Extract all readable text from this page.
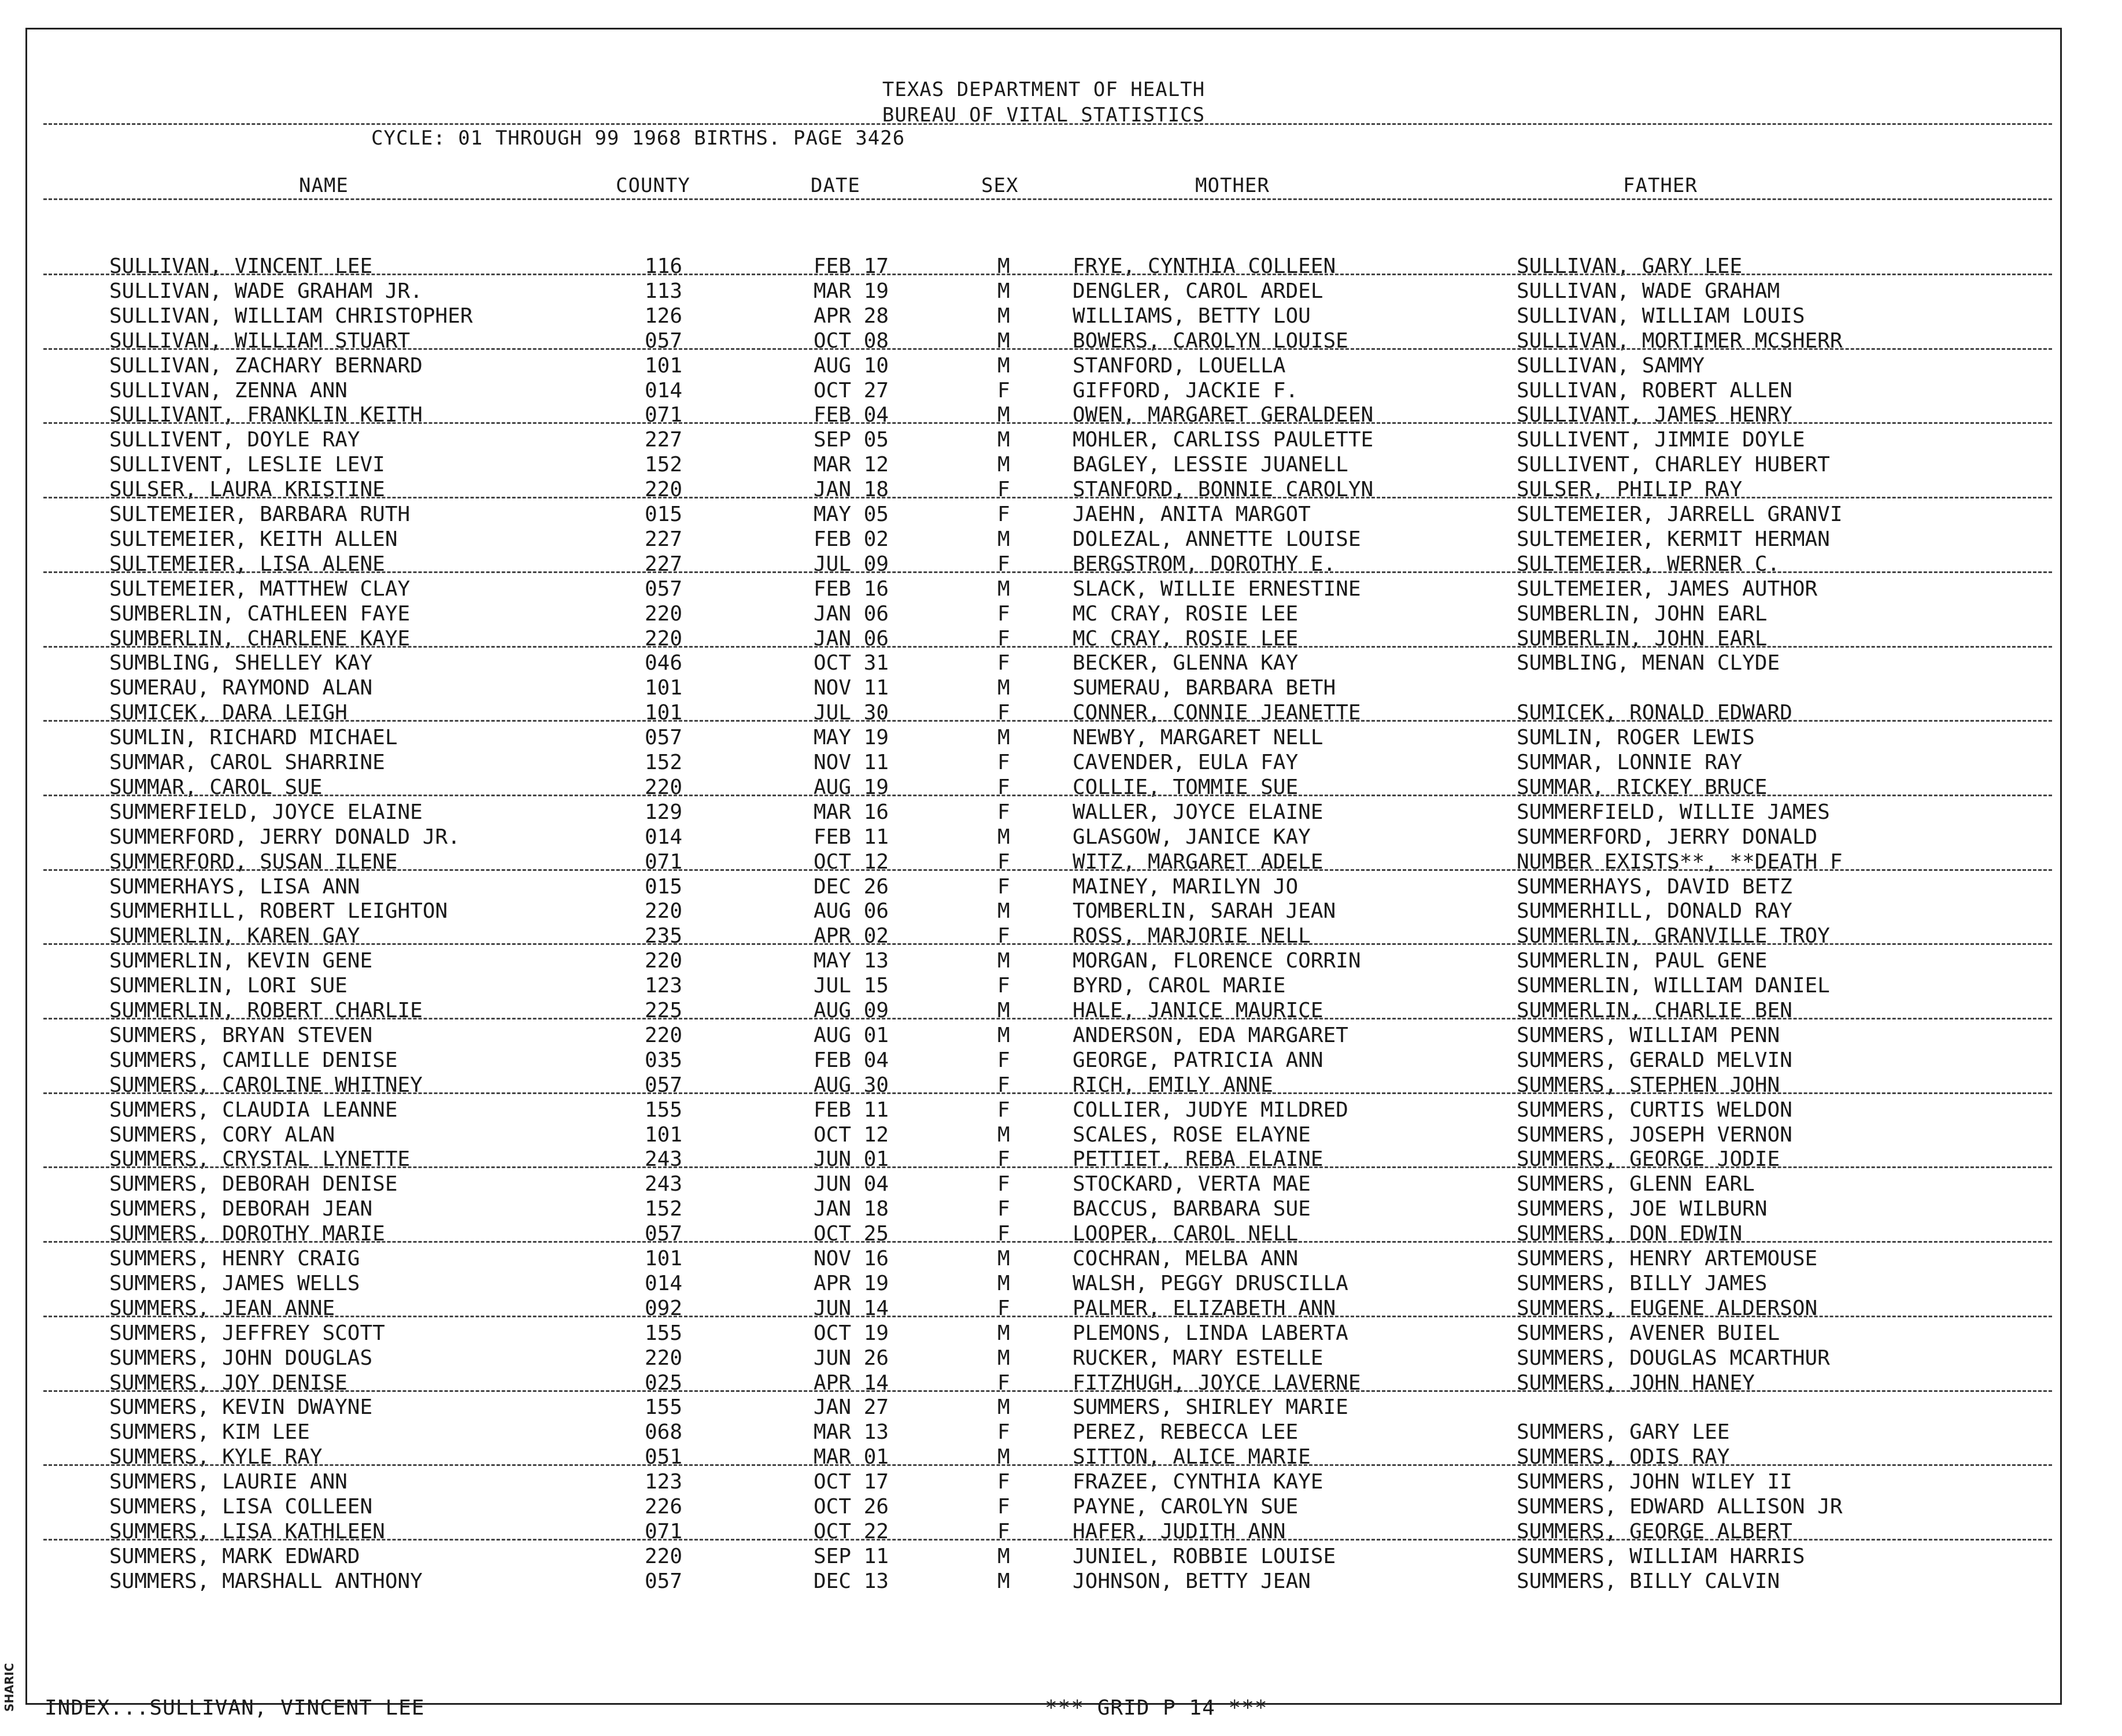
SHARIC
TEXAS DEPARTMENT OF HEALTH
BUREAU OF VITAL STATISTICS
CYCLE: 01 THROUGH 99 1968 BIRTHS. PAGE 3426
NAME	COUNTY	DATE	SEX	MOTHER	FATHER
SULLIVAN, VINCENT LEE	116	FEB 17	M	FRYE, CYNTHIA COLLEEN	SULLIVAN, GARY LEE
SULLIVAN, WADE GRAHAM JR.	113	MAR 19	M	DENGLER, CAROL ARDEL	SULLIVAN, WADE GRAHAM
SULLIVAN, WILLIAM CHRISTOPHER	126	APR 28	M	WILLIAMS, BETTY LOU	SULLIVAN, WILLIAM LOUIS
SULLIVAN, WILLIAM STUART	057	OCT 08	M	BOWERS, CAROLYN LOUISE	SULLIVAN, MORTIMER MCSHERR
SULLIVAN, ZACHARY BERNARD	101	AUG 10	M	STANFORD, LOUELLA	SULLIVAN, SAMMY
SULLIVAN, ZENNA ANN	014	OCT 27	F	GIFFORD, JACKIE F.	SULLIVAN, ROBERT ALLEN
SULLIVANT, FRANKLIN KEITH	071	FEB 04	M	OWEN, MARGARET GERALDEEN	SULLIVANT, JAMES HENRY
SULLIVENT, DOYLE RAY	227	SEP 05	M	MOHLER, CARLISS PAULETTE	SULLIVENT, JIMMIE DOYLE
SULLIVENT, LESLIE LEVI	152	MAR 12	M	BAGLEY, LESSIE JUANELL	SULLIVENT, CHARLEY HUBERT
SULSER, LAURA KRISTINE	220	JAN 18	F	STANFORD, BONNIE CAROLYN	SULSER, PHILIP RAY
SULTEMEIER, BARBARA RUTH	015	MAY 05	F	JAEHN, ANITA MARGOT	SULTEMEIER, JARRELL GRANVI
SULTEMEIER, KEITH ALLEN	227	FEB 02	M	DOLEZAL, ANNETTE LOUISE	SULTEMEIER, KERMIT HERMAN
SULTEMEIER, LISA ALENE	227	JUL 09	F	BERGSTROM, DOROTHY E.	SULTEMEIER, WERNER C.
SULTEMEIER, MATTHEW CLAY	057	FEB 16	M	SLACK, WILLIE ERNESTINE	SULTEMEIER, JAMES AUTHOR
SUMBERLIN, CATHLEEN FAYE	220	JAN 06	F	MC CRAY, ROSIE LEE	SUMBERLIN, JOHN EARL
SUMBERLIN, CHARLENE KAYE	220	JAN 06	F	MC CRAY, ROSIE LEE	SUMBERLIN, JOHN EARL
SUMBLING, SHELLEY KAY	046	OCT 31	F	BECKER, GLENNA KAY	SUMBLING, MENAN CLYDE
SUMERAU, RAYMOND ALAN	101	NOV 11	M	SUMERAU, BARBARA BETH
SUMICEK, DARA LEIGH	101	JUL 30	F	CONNER, CONNIE JEANETTE	SUMICEK, RONALD EDWARD
SUMLIN, RICHARD MICHAEL	057	MAY 19	M	NEWBY, MARGARET NELL	SUMLIN, ROGER LEWIS
SUMMAR, CAROL SHARRINE	152	NOV 11	F	CAVENDER, EULA FAY	SUMMAR, LONNIE RAY
SUMMAR, CAROL SUE	220	AUG 19	F	COLLIE, TOMMIE SUE	SUMMAR, RICKEY BRUCE
SUMMERFIELD, JOYCE ELAINE	129	MAR 16	F	WALLER, JOYCE ELAINE	SUMMERFIELD, WILLIE JAMES
SUMMERFORD, JERRY DONALD JR.	014	FEB 11	M	GLASGOW, JANICE KAY	SUMMERFORD, JERRY DONALD
SUMMERFORD, SUSAN ILENE	071	OCT 12	F	WITZ, MARGARET ADELE	NUMBER EXISTS**, **DEATH F
SUMMERHAYS, LISA ANN	015	DEC 26	F	MAINEY, MARILYN JO	SUMMERHAYS, DAVID BETZ
SUMMERHILL, ROBERT LEIGHTON	220	AUG 06	M	TOMBERLIN, SARAH JEAN	SUMMERHILL, DONALD RAY
SUMMERLIN, KAREN GAY	235	APR 02	F	ROSS, MARJORIE NELL	SUMMERLIN, GRANVILLE TROY
SUMMERLIN, KEVIN GENE	220	MAY 13	M	MORGAN, FLORENCE CORRIN	SUMMERLIN, PAUL GENE
SUMMERLIN, LORI SUE	123	JUL 15	F	BYRD, CAROL MARIE	SUMMERLIN, WILLIAM DANIEL
SUMMERLIN, ROBERT CHARLIE	225	AUG 09	M	HALE, JANICE MAURICE	SUMMERLIN, CHARLIE BEN
SUMMERS, BRYAN STEVEN	220	AUG 01	M	ANDERSON, EDA MARGARET	SUMMERS, WILLIAM PENN
SUMMERS, CAMILLE DENISE	035	FEB 04	F	GEORGE, PATRICIA ANN	SUMMERS, GERALD MELVIN
SUMMERS, CAROLINE WHITNEY	057	AUG 30	F	RICH, EMILY ANNE	SUMMERS, STEPHEN JOHN
SUMMERS, CLAUDIA LEANNE	155	FEB 11	F	COLLIER, JUDYE MILDRED	SUMMERS, CURTIS WELDON
SUMMERS, CORY ALAN	101	OCT 12	M	SCALES, ROSE ELAYNE	SUMMERS, JOSEPH VERNON
SUMMERS, CRYSTAL LYNETTE	243	JUN 01	F	PETTIET, REBA ELAINE	SUMMERS, GEORGE JODIE
SUMMERS, DEBORAH DENISE	243	JUN 04	F	STOCKARD, VERTA MAE	SUMMERS, GLENN EARL
SUMMERS, DEBORAH JEAN	152	JAN 18	F	BACCUS, BARBARA SUE	SUMMERS, JOE WILBURN
SUMMERS, DOROTHY MARIE	057	OCT 25	F	LOOPER, CAROL NELL	SUMMERS, DON EDWIN
SUMMERS, HENRY CRAIG	101	NOV 16	M	COCHRAN, MELBA ANN	SUMMERS, HENRY ARTEMOUSE
SUMMERS, JAMES WELLS	014	APR 19	M	WALSH, PEGGY DRUSCILLA	SUMMERS, BILLY JAMES
SUMMERS, JEAN ANNE	092	JUN 14	F	PALMER, ELIZABETH ANN	SUMMERS, EUGENE ALDERSON
SUMMERS, JEFFREY SCOTT	155	OCT 19	M	PLEMONS, LINDA LABERTA	SUMMERS, AVENER BUIEL
SUMMERS, JOHN DOUGLAS	220	JUN 26	M	RUCKER, MARY ESTELLE	SUMMERS, DOUGLAS MCARTHUR
SUMMERS, JOY DENISE	025	APR 14	F	FITZHUGH, JOYCE LAVERNE	SUMMERS, JOHN HANEY
SUMMERS, KEVIN DWAYNE	155	JAN 27	M	SUMMERS, SHIRLEY MARIE
SUMMERS, KIM LEE	068	MAR 13	F	PEREZ, REBECCA LEE	SUMMERS, GARY LEE
SUMMERS, KYLE RAY	051	MAR 01	M	SITTON, ALICE MARIE	SUMMERS, ODIS RAY
SUMMERS, LAURIE ANN	123	OCT 17	F	FRAZEE, CYNTHIA KAYE	SUMMERS, JOHN WILEY II
SUMMERS, LISA COLLEEN	226	OCT 26	F	PAYNE, CAROLYN SUE	SUMMERS, EDWARD ALLISON JR
SUMMERS, LISA KATHLEEN	071	OCT 22	F	HAFER, JUDITH ANN	SUMMERS, GEORGE ALBERT
SUMMERS, MARK EDWARD	220	SEP 11	M	JUNIEL, ROBBIE LOUISE	SUMMERS, WILLIAM HARRIS
SUMMERS, MARSHALL ANTHONY	057	DEC 13	M	JOHNSON, BETTY JEAN	SUMMERS, BILLY CALVIN
INDEX...SULLIVAN, VINCENT LEE	*** GRID P 14 ***
